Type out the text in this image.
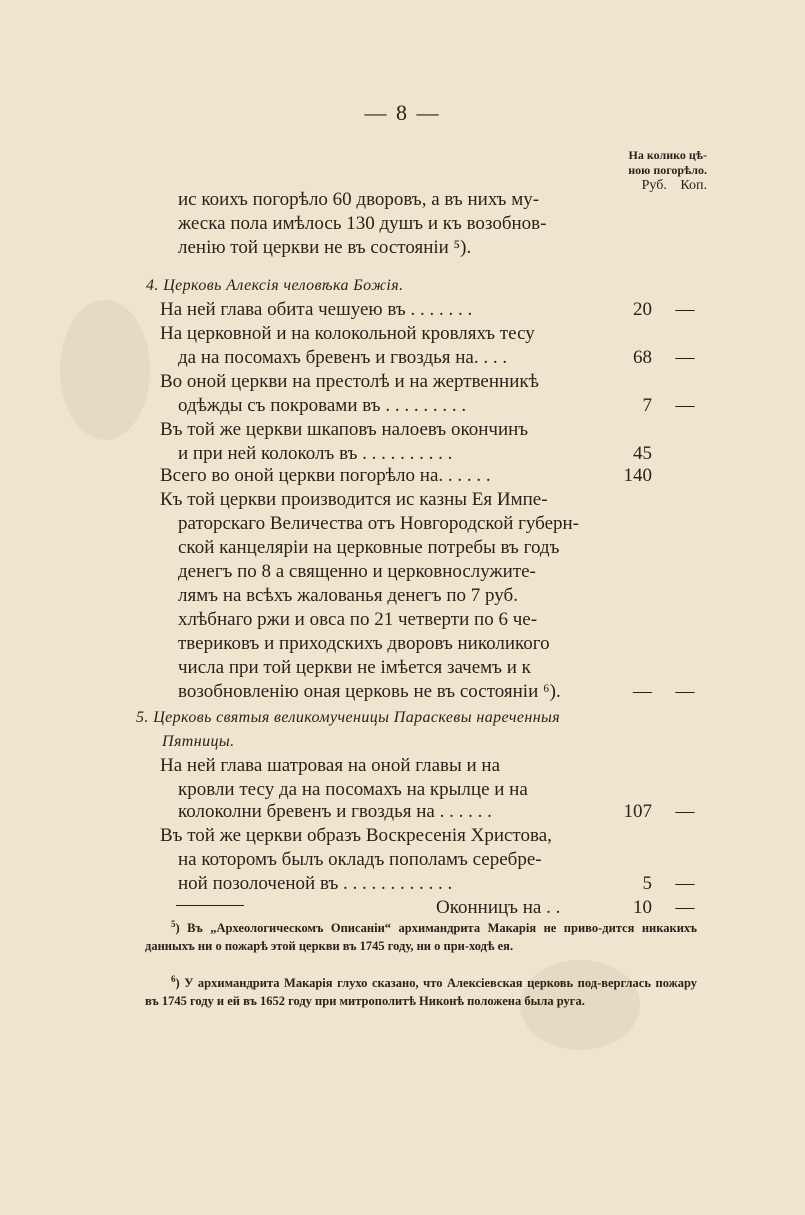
— 8 —
На колико цѣ-
ною погорѣло.
Руб. Коп.
ис коихъ погорѣло 60 дворовъ, а въ нихъ му-
жеска пола имѣлось 130 душъ и къ возобнов-
ленію той церкви не въ состояніи ⁵).
4. Церковь Алексія человѣка Божія.
На ней глава обита чешуею въ . . . . . . .	20 —
На церковной и на колокольной кровляхъ тесу
да на посомахъ бревенъ и гвоздья на. . . .	68 —
Во оной церкви на престолѣ и на жертвенникѣ
одѣжды съ покровами въ . . . . . . . . .	7 —
Въ той же церкви шкаповъ налоевъ окончинъ
и при ней колоколъ въ . . . . . . . . . .	45
Всего во оной церкви погорѣло на. . . . . .	140
Къ той церкви производится ис казны Ея Импе-
раторскаго Величества отъ Новгородской губерн-
ской канцеляріи на церковные потребы въ годъ
денегъ по 8 а священно и церковнослужите-
лямъ на всѣхъ жалованья денегъ по 7 руб.
хлѣбнаго ржи и овса по 21 четверти по 6 че-
твериковъ и приходскихъ дворовъ николикого
числа при той церкви не імѣется зачемъ и к
возобновленію оная церковь не въ состояніи ⁶).	— —
5. Церковь святыя великомученицы Параскевы нареченныя
Пятницы.
На ней глава шатровая на оной главы и на
кровли тесу да на посомахъ на крылце и на
колоколни бревенъ и гвоздья на . . . . . .	107 —
Въ той же церкви образъ Воскресенія Христова,
на которомъ былъ окладъ пополамъ серебре-
ной позолоченой въ . . . . . . . . . . . .	5 —
Оконницъ на . .	10 —
$^5$) Въ „Археологическомъ Описаніи“ архимандрита Макарія не приво-дится никакихъ данныхъ ни о пожарѣ этой церкви въ 1745 году, ни о при-ходѣ ея.
$^6$) У архимандрита Макарія глухо сказано, что Алексіевская церковь под-верглась пожару въ 1745 году и ей въ 1652 году при митрополитѣ Никонѣ положена была руга.
